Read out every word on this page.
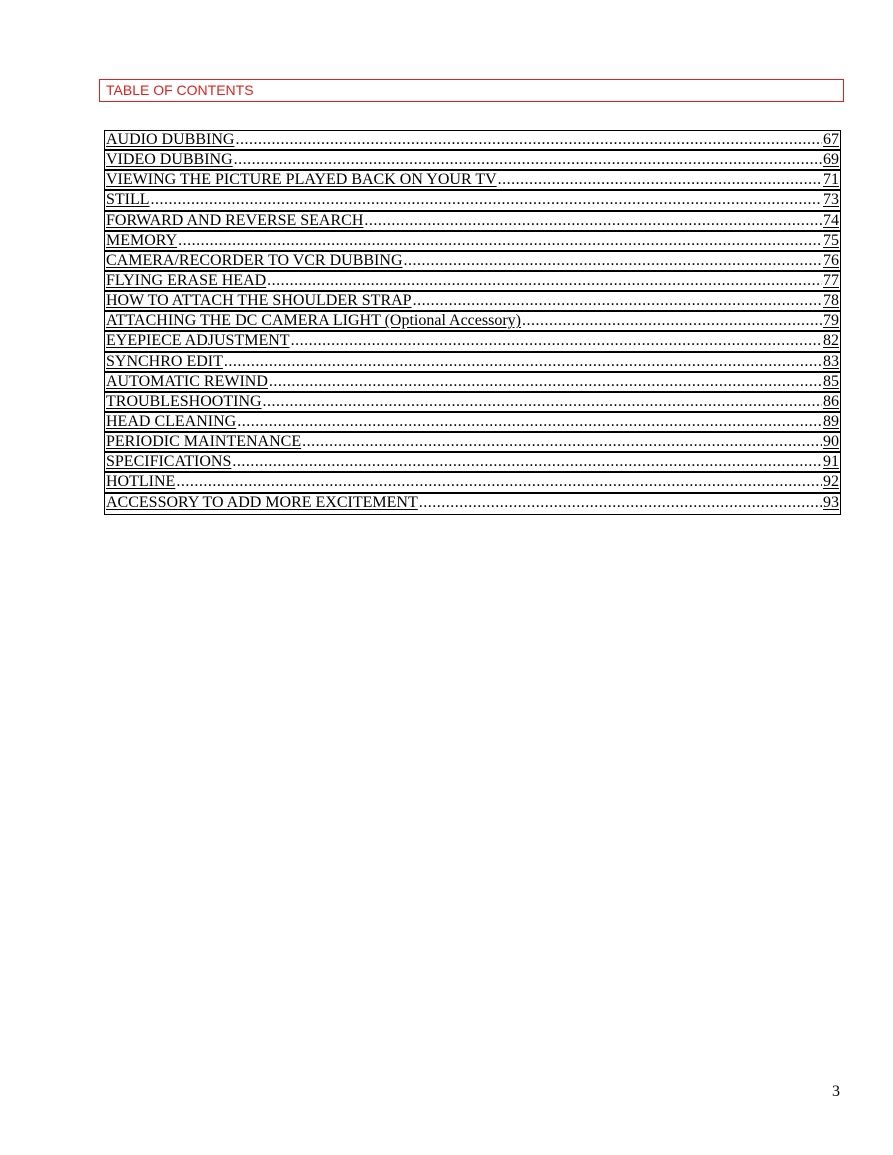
TABLE OF CONTENTS
AUDIO DUBBING .....	67
VIDEO DUBBING .....	69
VIEWING THE PICTURE PLAYED BACK ON YOUR TV .....	71
STILL .....	73
FORWARD AND REVERSE SEARCH .....	74
MEMORY .....	75
CAMERA/RECORDER TO VCR DUBBING .....	76
FLYING ERASE HEAD .....	77
HOW TO ATTACH THE SHOULDER STRAP .....	78
ATTACHING THE DC CAMERA LIGHT (Optional Accessory) .....	79
EYEPIECE ADJUSTMENT .....	82
SYNCHRO EDIT .....	83
AUTOMATIC REWIND .....	85
TROUBLESHOOTING .....	86
HEAD CLEANING .....	89
PERIODIC MAINTENANCE .....	90
SPECIFICATIONS .....	91
HOTLINE .....	92
ACCESSORY TO ADD MORE EXCITEMENT .....	93
3
